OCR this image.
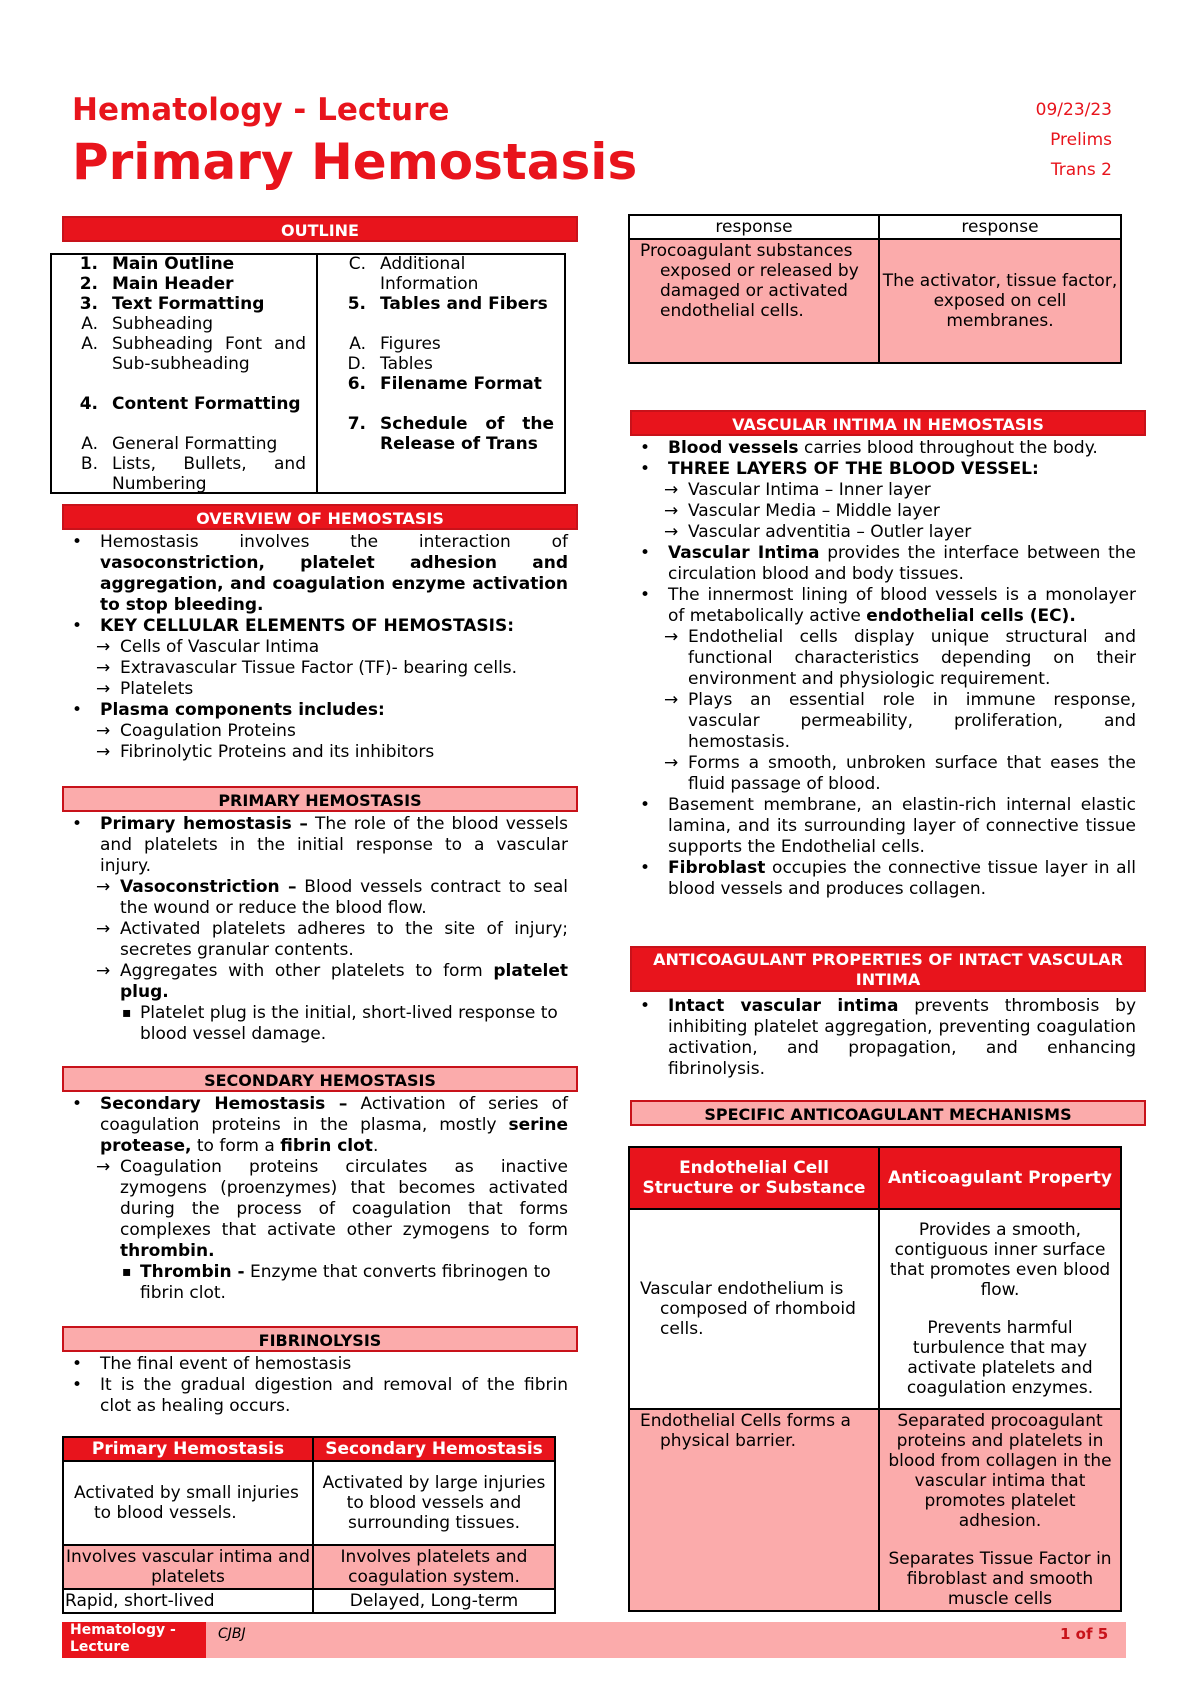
Hematology - Lecture
Primary Hemostasis
09/23/23
Prelims
Trans 2
OUTLINE
1. Main Outline
2. Main Header
3. Text Formatting
A. Subheading
A. Subheading Font and Sub-subheading
4. Content Formatting
A. General Formatting
B. Lists, Bullets, and Numbering
C. Additional Information
5. Tables and Fibers
A. Figures
D. Tables
6. Filename Format
7. Schedule of the Release of Trans
OVERVIEW OF HEMOSTASIS
• Hemostasis involves the interaction of vasoconstriction, platelet adhesion and aggregation, and coagulation enzyme activation to stop bleeding.
• KEY CELLULAR ELEMENTS OF HEMOSTASIS:
→ Cells of Vascular Intima
→ Extravascular Tissue Factor (TF)- bearing cells.
→ Platelets
• Plasma components includes:
→ Coagulation Proteins
→ Fibrinolytic Proteins and its inhibitors
PRIMARY HEMOSTASIS
• Primary hemostasis – The role of the blood vessels and platelets in the initial response to a vascular injury.
→ Vasoconstriction – Blood vessels contract to seal the wound or reduce the blood flow.
→ Activated platelets adheres to the site of injury; secretes granular contents.
→ Aggregates with other platelets to form platelet plug.
▪ Platelet plug is the initial, short-lived response to blood vessel damage.
SECONDARY HEMOSTASIS
• Secondary Hemostasis – Activation of series of coagulation proteins in the plasma, mostly serine protease, to form a fibrin clot.
→ Coagulation proteins circulates as inactive zymogens (proenzymes) that becomes activated during the process of coagulation that forms complexes that activate other zymogens to form thrombin.
▪ Thrombin - Enzyme that converts fibrinogen to fibrin clot.
FIBRINOLYSIS
• The final event of hemostasis
• It is the gradual digestion and removal of the fibrin clot as healing occurs.
Primary Hemostasis	Secondary Hemostasis
Activated by small injuries to blood vessels.	Activated by large injuries to blood vessels and surrounding tissues.
Involves vascular intima and platelets	Involves platelets and coagulation system.
Rapid, short-lived	Delayed, Long-term
response	response
Procoagulant substances exposed or released by damaged or activated endothelial cells.	The activator, tissue factor, exposed on cell membranes.
VASCULAR INTIMA IN HEMOSTASIS
• Blood vessels carries blood throughout the body.
• THREE LAYERS OF THE BLOOD VESSEL:
→ Vascular Intima – Inner layer
→ Vascular Media – Middle layer
→ Vascular adventitia – Outler layer
• Vascular Intima provides the interface between the circulation blood and body tissues.
• The innermost lining of blood vessels is a monolayer of metabolically active endothelial cells (EC).
→ Endothelial cells display unique structural and functional characteristics depending on their environment and physiologic requirement.
→ Plays an essential role in immune response, vascular permeability, proliferation, and hemostasis.
→ Forms a smooth, unbroken surface that eases the fluid passage of blood.
• Basement membrane, an elastin-rich internal elastic lamina, and its surrounding layer of connective tissue supports the Endothelial cells.
• Fibroblast occupies the connective tissue layer in all blood vessels and produces collagen.
ANTICOAGULANT PROPERTIES OF INTACT VASCULAR INTIMA
• Intact vascular intima prevents thrombosis by inhibiting platelet aggregation, preventing coagulation activation, and propagation, and enhancing fibrinolysis.
SPECIFIC ANTICOAGULANT MECHANISMS
Endothelial Cell Structure or Substance	Anticoagulant Property
Vascular endothelium is composed of rhomboid cells.	Provides a smooth, contiguous inner surface that promotes even blood flow.
Prevents harmful turbulence that may activate platelets and coagulation enzymes.

Endothelial Cells forms a physical barrier.	Separated procoagulant proteins and platelets in blood from collagen in the vascular intima that promotes platelet adhesion.
Separates Tissue Factor in fibroblast and smooth muscle cells
Hematology - Lecture
CJBJ	1 of 5
